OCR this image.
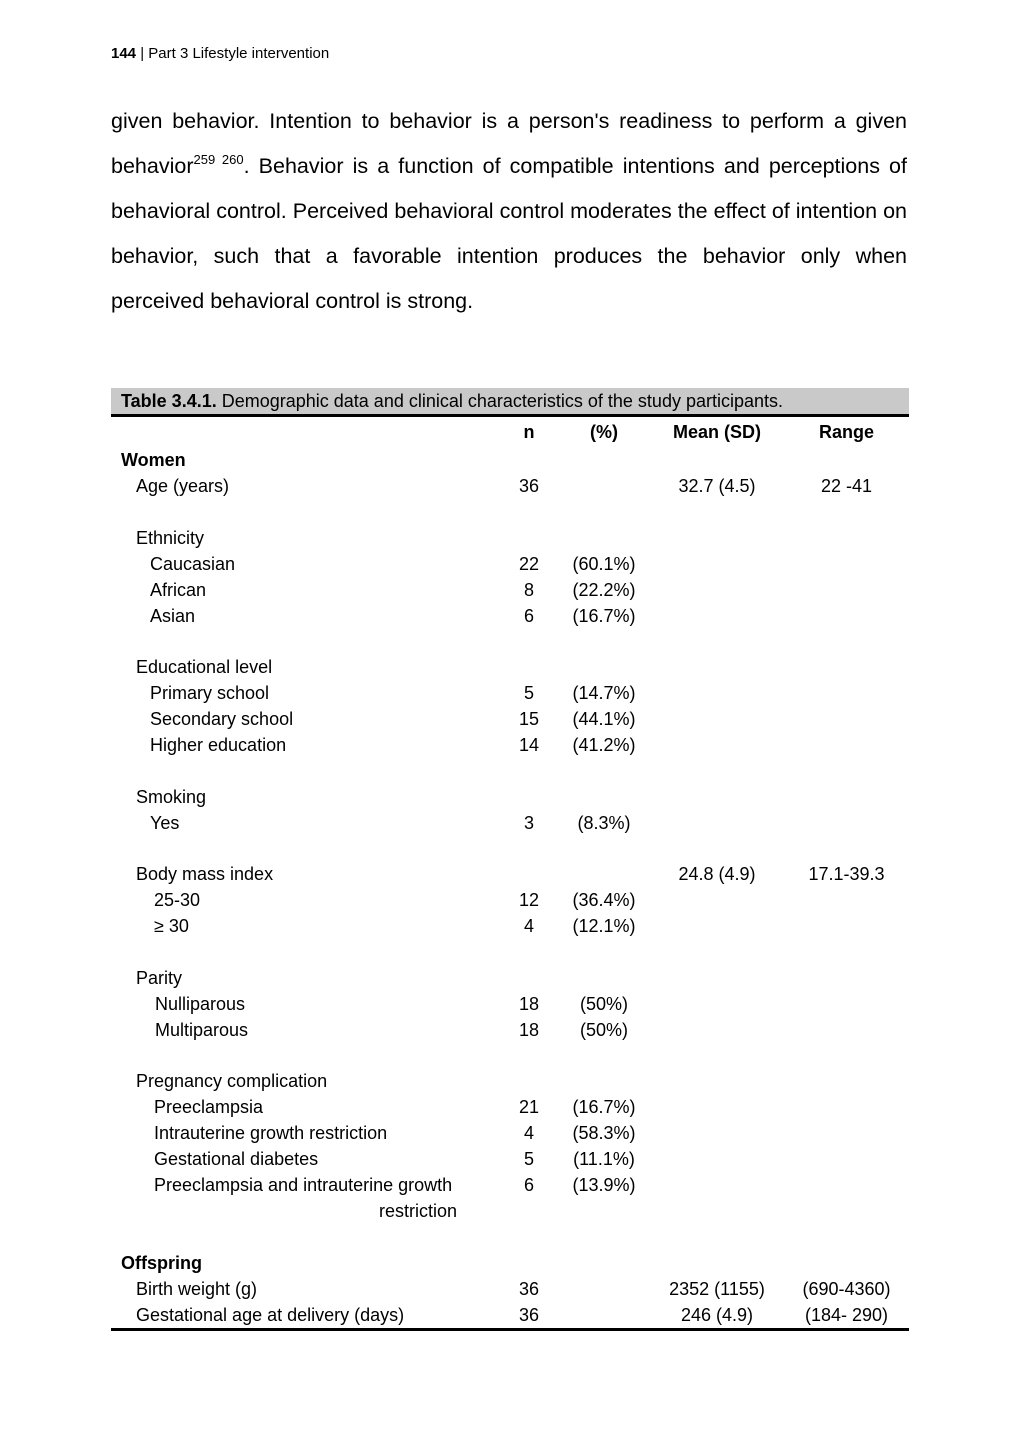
144 | Part 3 Lifestyle intervention
given behavior. Intention to behavior is a person's readiness to perform a given behavior$^{259 260}$. Behavior is a function of compatible intentions and perceptions of behavioral control. Perceived behavioral control moderates the effect of intention on behavior, such that a favorable intention produces the behavior only when perceived behavioral control is strong.
Table 3.4.1. Demographic data and clinical characteristics of the study participants.
	n	(%)	Mean (SD)	Range
Women				
Age (years)	36		32.7 (4.5)	22 -41

Ethnicity				
Caucasian	22	(60.1%)		
African	8	(22.2%)		
Asian	6	(16.7%)		

Educational level				
Primary school	5	(14.7%)		
Secondary school	15	(44.1%)		
Higher education	14	(41.2%)		

Smoking				
Yes	3	(8.3%)		

Body mass index			24.8 (4.9)	17.1-39.3
25-30	12	(36.4%)		
≥ 30	4	(12.1%)		

Parity				
Nulliparous	18	(50%)		
Multiparous	18	(50%)		

Pregnancy complication				
Preeclampsia	21	(16.7%)		
Intrauterine growth restriction	4	(58.3%)		
Gestational diabetes	5	(11.1%)		
Preeclampsia and intrauterine growth	6	(13.9%)		
restriction				

Offspring				
Birth weight (g)	36		2352 (1155)	(690-4360)
Gestational age at delivery (days)	36		246 (4.9)	(184- 290)
